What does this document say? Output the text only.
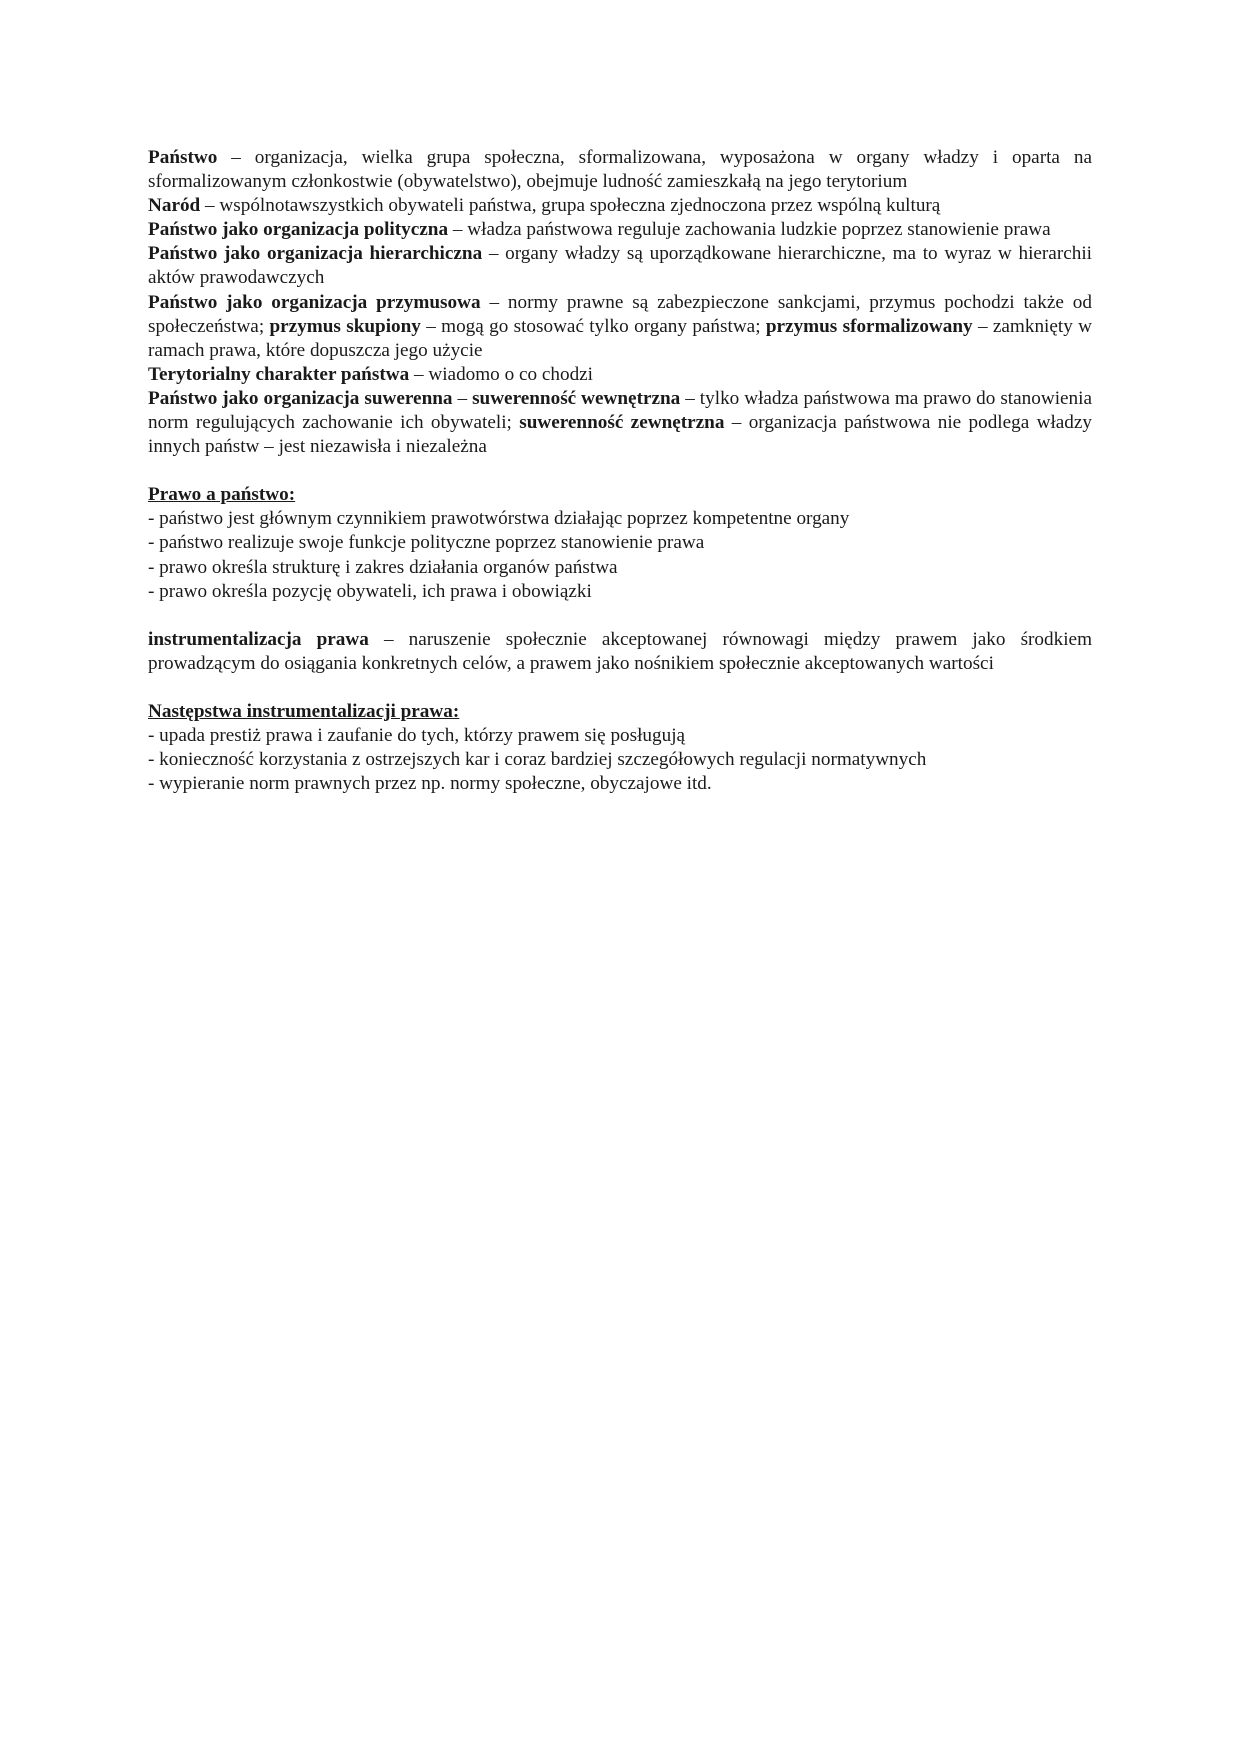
Państwo – organizacja, wielka grupa społeczna, sformalizowana, wyposażona w organy władzy i oparta na sformalizowanym członkostwie (obywatelstwo), obejmuje ludność zamieszkałą na jego terytorium

Naród – wspólnotawszystkich obywateli państwa, grupa społeczna zjednoczona przez wspólną kulturą

Państwo jako organizacja polityczna – władza państwowa reguluje zachowania ludzkie poprzez stanowienie prawa

Państwo jako organizacja hierarchiczna – organy władzy są uporządkowane hierarchiczne, ma to wyraz w hierarchii aktów prawodawczych

Państwo jako organizacja przymusowa – normy prawne są zabezpieczone sankcjami, przymus pochodzi także od społeczeństwa; przymus skupiony – mogą go stosować tylko organy państwa; przymus sformalizowany – zamknięty w ramach prawa, które dopuszcza jego użycie

Terytorialny charakter państwa – wiadomo o co chodzi

Państwo jako organizacja suwerenna – suwerenność wewnętrzna – tylko władza państwowa ma prawo do stanowienia norm regulujących zachowanie ich obywateli; suwerenność zewnętrzna – organizacja państwowa nie podlega władzy innych państw – jest niezawisła i niezależna

Prawo a państwo:

- państwo jest głównym czynnikiem prawotwórstwa działając poprzez kompetentne organy
- państwo realizuje swoje funkcje polityczne poprzez stanowienie prawa
- prawo określa strukturę i zakres działania organów państwa
- prawo określa pozycję obywateli, ich prawa i obowiązki

instrumentalizacja prawa – naruszenie społecznie akceptowanej równowagi między prawem jako środkiem prowadzącym do osiągania konkretnych celów, a prawem jako nośnikiem społecznie akceptowanych wartości

Następstwa instrumentalizacji prawa:

- upada prestiż prawa i zaufanie do tych, którzy prawem się posługują
- konieczność korzystania z ostrzejszych kar i coraz bardziej szczegółowych regulacji normatywnych
- wypieranie norm prawnych przez np. normy społeczne, obyczajowe itd.
